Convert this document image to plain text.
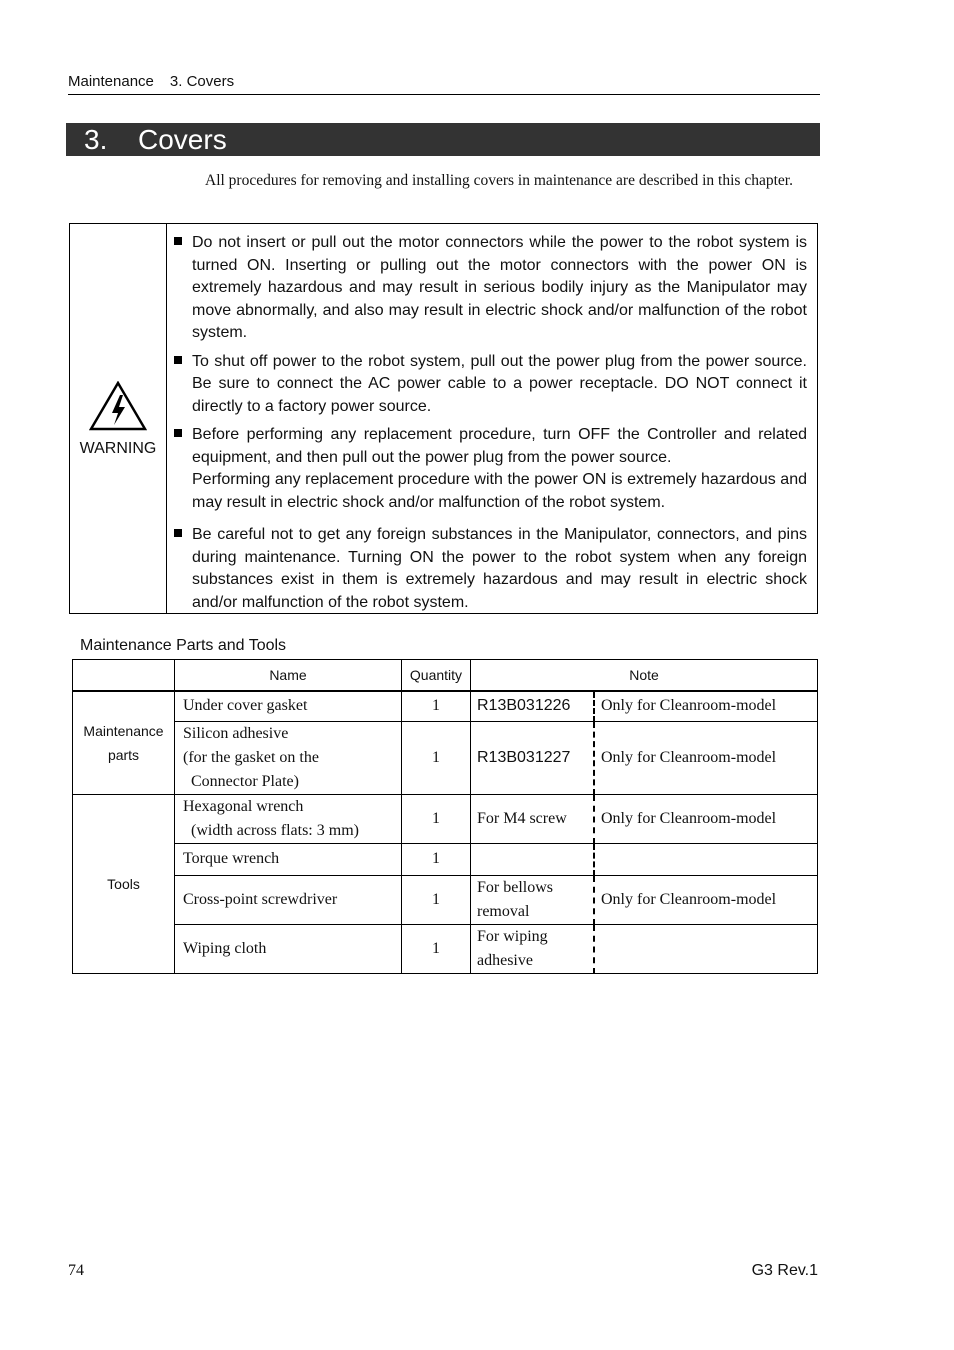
Maintenance 3. Covers
3. Covers
All procedures for removing and installing covers in maintenance are described in this chapter.
WARNING

Do not insert or pull out the motor connectors while the power to the robot system is turned ON. Inserting or pulling out the motor connectors with the power ON is extremely hazardous and may result in serious bodily injury as the Manipulator may move abnormally, and also may result in electric shock and/or malfunction of the robot system.

To shut off power to the robot system, pull out the power plug from the power source. Be sure to connect the AC power cable to a power receptacle. DO NOT connect it directly to a factory power source.

Before performing any replacement procedure, turn OFF the Controller and related equipment, and then pull out the power plug from the power source.

Performing any replacement procedure with the power ON is extremely hazardous and may result in electric shock and/or malfunction of the robot system.

Be careful not to get any foreign substances in the Manipulator, connectors, and pins during maintenance. Turning ON the power to the robot system when any foreign substances exist in them is extremely hazardous and may result in electric shock and/or malfunction of the robot system.

Maintenance Parts and Tools
	Name	Quantity	Note	

Maintenance
parts	Under cover gasket	1	R13B031226	Only for Cleanroom-model

	Silicon adhesive
(for the gasket on the
Connector Plate)	1	R13B031227	Only for Cleanroom-model
Tools	Hexagonal wrench
(width across flats: 3 mm)	1	For M4 screw	Only for Cleanroom-model

	Torque wrench	1		

	Cross-point screwdriver	1	For bellows removal	Only for Cleanroom-model

	Wiping cloth	1	For wiping adhesive	
74	G3 Rev.1
